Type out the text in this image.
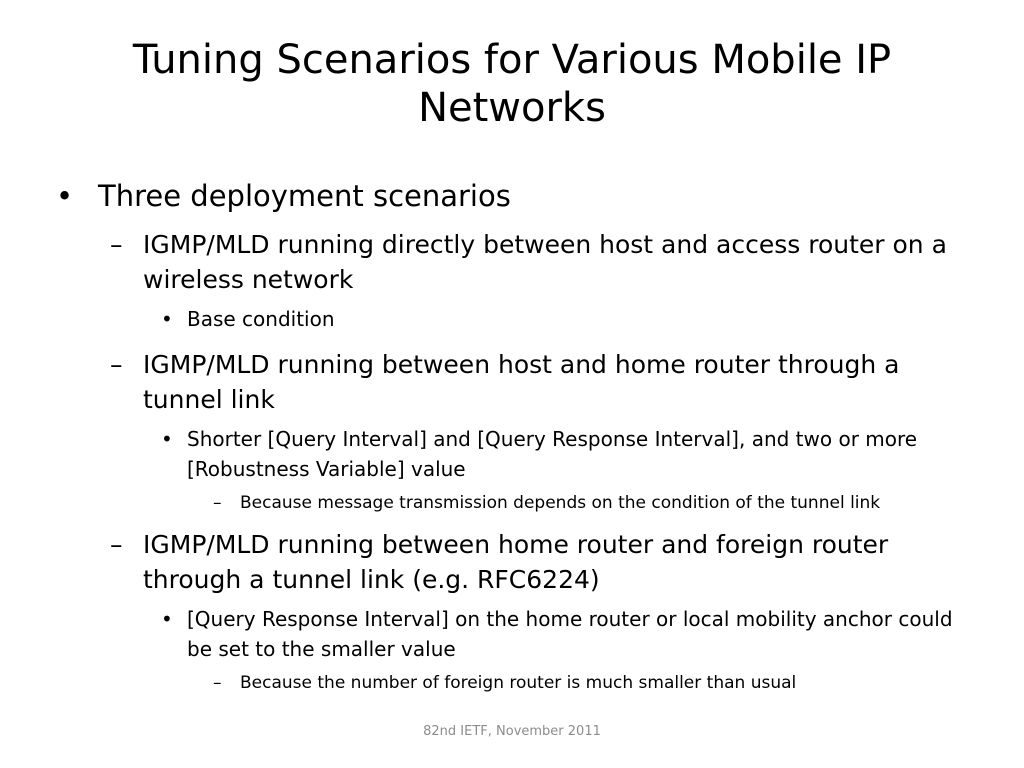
Tuning Scenarios for Various Mobile IP Networks
• Three deployment scenarios
– IGMP/MLD running directly between host and access router on a wireless network
• Base condition
– IGMP/MLD running between host and home router through a tunnel link
• Shorter [Query Interval] and [Query Response Interval], and two or more [Robustness Variable] value
– Because message transmission depends on the condition of the tunnel link
– IGMP/MLD running between home router and foreign router through a tunnel link (e.g. RFC6224)
• [Query Response Interval] on the home router or local mobility anchor could be set to the smaller value
– Because the number of foreign router is much smaller than usual
82nd IETF, November 2011
